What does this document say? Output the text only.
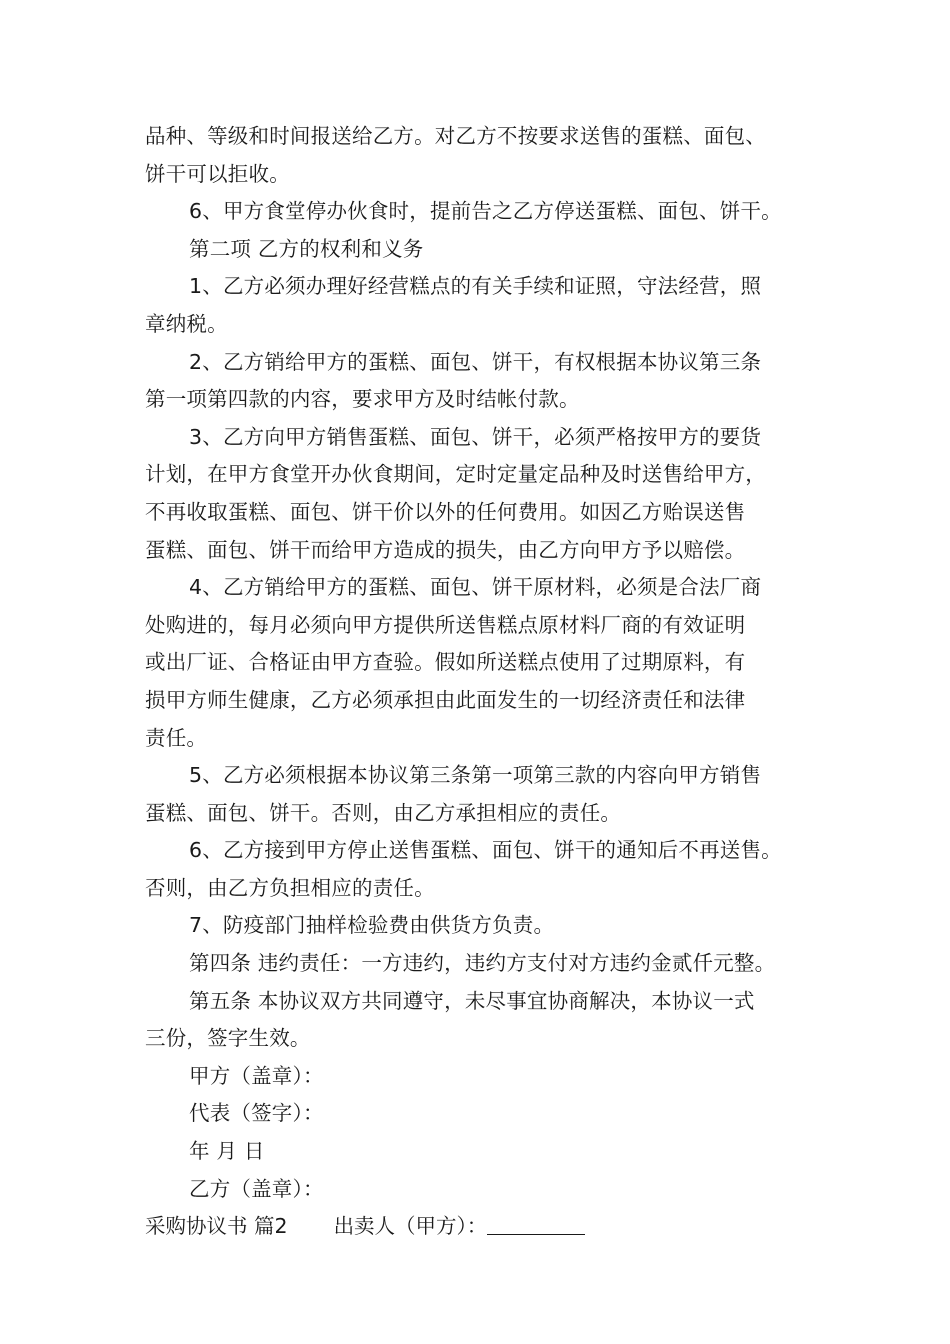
品种、等级和时间报送给乙方。对乙方不按要求送售的蛋糕、面包、
饼干可以拒收。
6、甲方食堂停办伙食时，提前告之乙方停送蛋糕、面包、饼干。
第二项 乙方的权利和义务
1、乙方必须办理好经营糕点的有关手续和证照，守法经营，照
章纳税。
2、乙方销给甲方的蛋糕、面包、饼干，有权根据本协议第三条
第一项第四款的内容，要求甲方及时结帐付款。
3、乙方向甲方销售蛋糕、面包、饼干，必须严格按甲方的要货
计划，在甲方食堂开办伙食期间，定时定量定品种及时送售给甲方，
不再收取蛋糕、面包、饼干价以外的任何费用。如因乙方贻误送售
蛋糕、面包、饼干而给甲方造成的损失，由乙方向甲方予以赔偿。
4、乙方销给甲方的蛋糕、面包、饼干原材料，必须是合法厂商
处购进的，每月必须向甲方提供所送售糕点原材料厂商的有效证明
或出厂证、合格证由甲方查验。假如所送糕点使用了过期原料，有
损甲方师生健康，乙方必须承担由此面发生的一切经济责任和法律
责任。
5、乙方必须根据本协议第三条第一项第三款的内容向甲方销售
蛋糕、面包、饼干。否则，由乙方承担相应的责任。
6、乙方接到甲方停止送售蛋糕、面包、饼干的通知后不再送售。
否则，由乙方负担相应的责任。
7、防疫部门抽样检验费由供货方负责。
第四条 违约责任：一方违约，违约方支付对方违约金贰仟元整。
第五条 本协议双方共同遵守，未尽事宜协商解决，本协议一式
三份，签字生效。
甲方（盖章）：
代表（签字）：
年 月 日
乙方（盖章）：
采购协议书 篇2 出卖人（甲方）：
